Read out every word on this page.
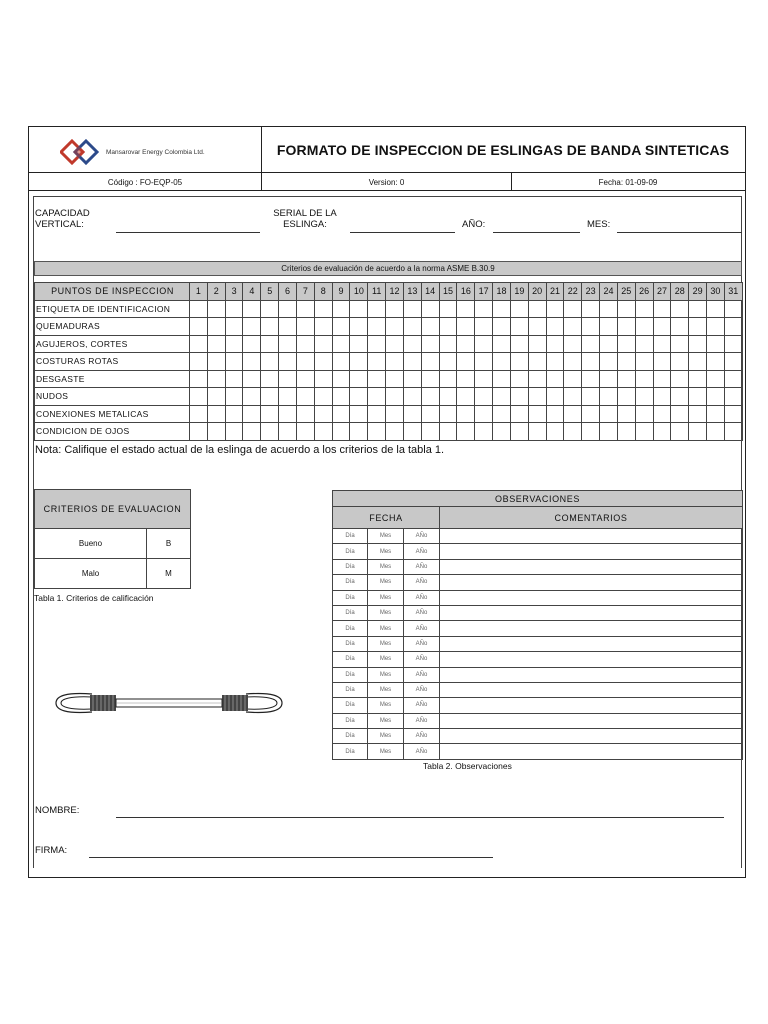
Mansarovar Energy Colombia Ltd.	FORMATO DE INSPECCION DE ESLINGAS DE BANDA SINTETICAS
Código : FO-EQP-05	Version: 0	Fecha: 01-09-09
CAPACIDAD
VERTICAL:
SERIAL DE LA
ESLINGA:	AÑO:	MES:
Criterios de evaluación de acuerdo a la norma ASME B.30.9
PUNTOS DE INSPECCION	1	2	3	4	5	6	7	8	9	10	11	12	13	14	15	16	17	18	19	20	21	22	23	24	25	26	27	28	29	30	31
ETIQUETA DE IDENTIFICACION																															
QUEMADURAS																															
AGUJEROS, CORTES																															
COSTURAS ROTAS																															
DESGASTE																															
NUDOS																															
CONEXIONES METALICAS																															
CONDICION DE OJOS																															
Nota: Califique el estado actual de la eslinga de acuerdo a los criterios de la tabla 1.
CRITERIOS DE EVALUACION	
Bueno	B
Malo	M
Tabla 1. Criterios de calificación
OBSERVACIONES			
FECHA			COMENTARIOS
Día	Mes	AÑo	
Día	Mes	AÑo	
Día	Mes	AÑo	
Día	Mes	AÑo	
Día	Mes	AÑo	
Día	Mes	AÑo	
Día	Mes	AÑo	
Día	Mes	AÑo	
Día	Mes	AÑo	
Día	Mes	AÑo	
Día	Mes	AÑo	
Día	Mes	AÑo	
Día	Mes	AÑo	
Día	Mes	AÑo	
Día	Mes	AÑo	
Tabla 2. Observaciones
NOMBRE:
FIRMA:
